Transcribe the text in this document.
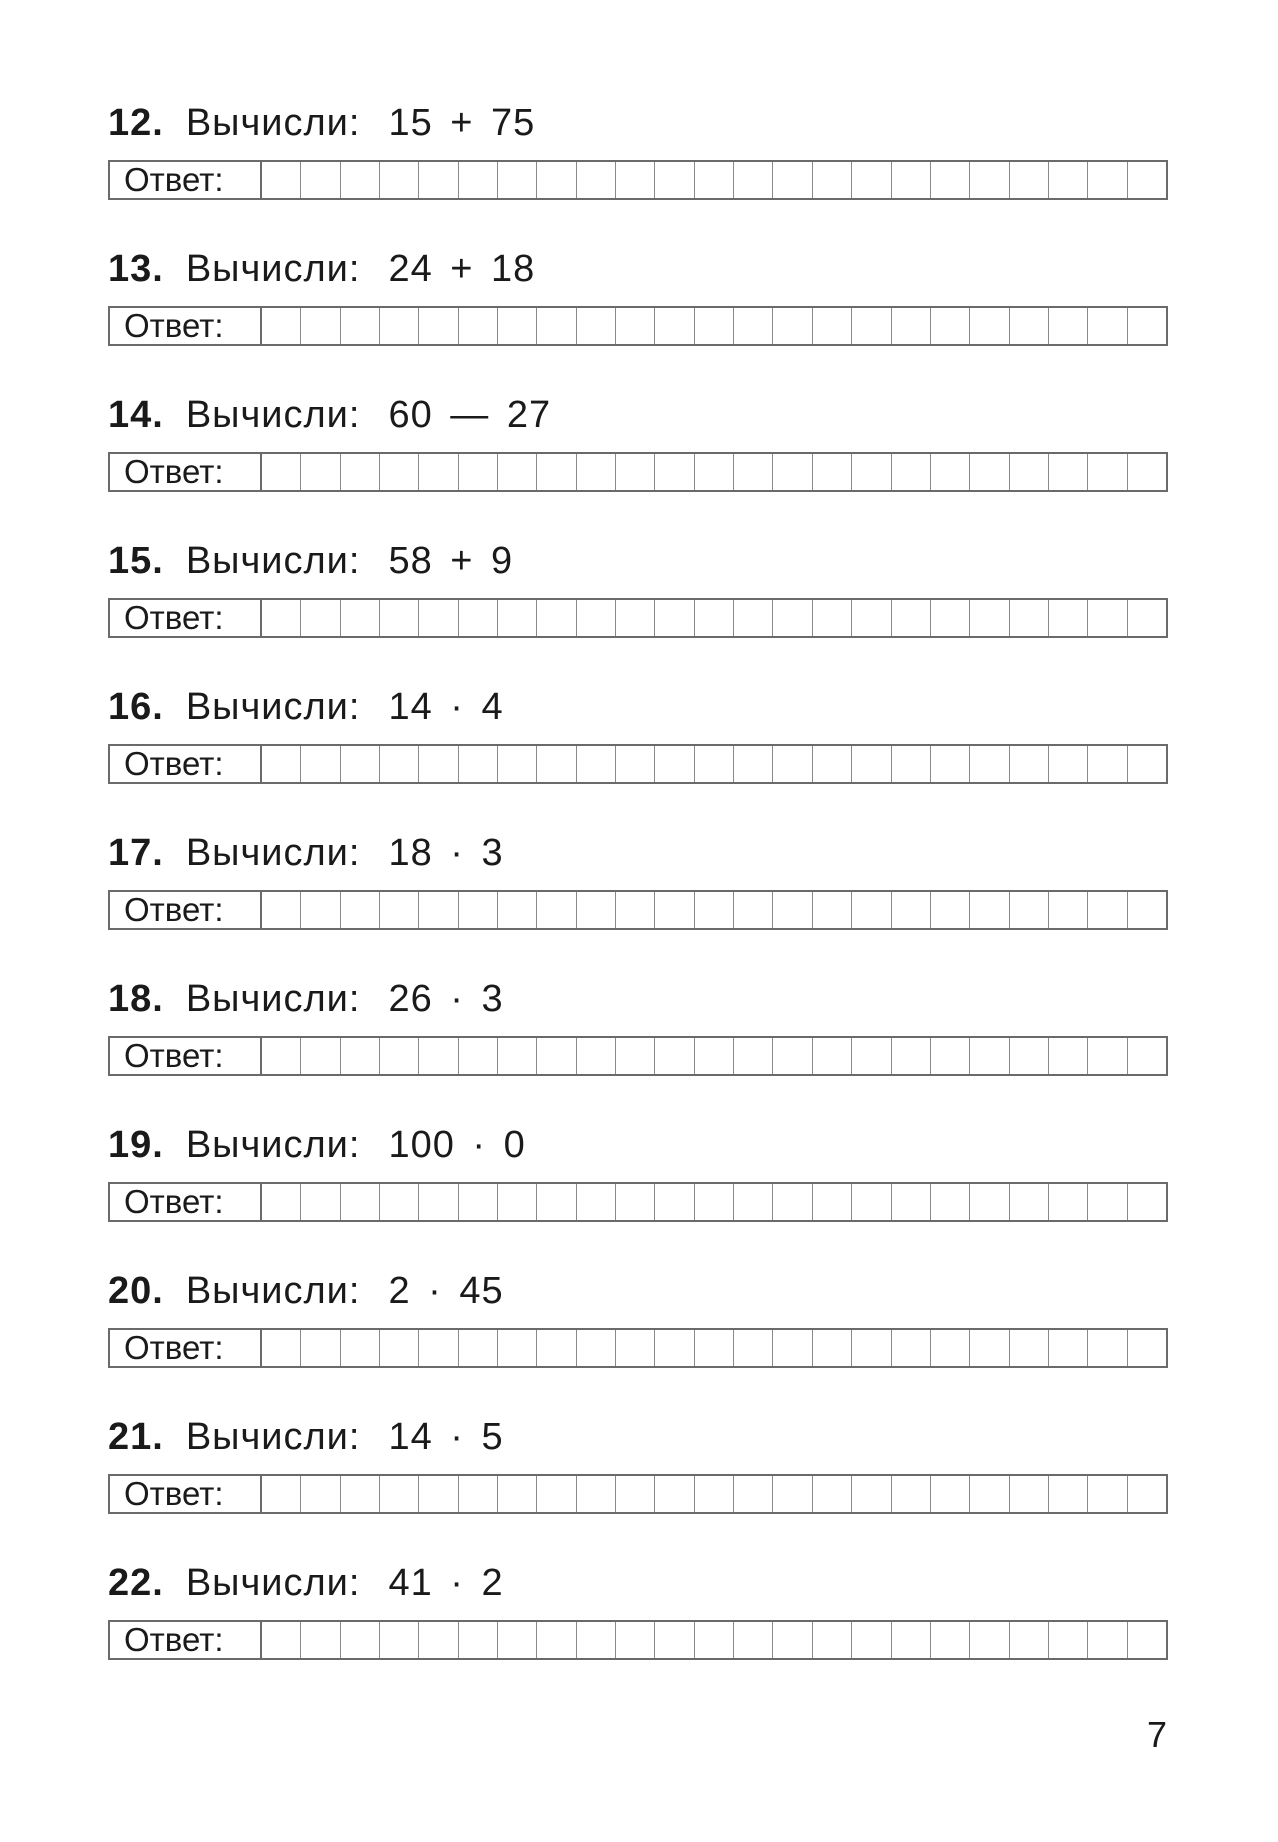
12. Вычисли: 15 + 75
Ответ:
13. Вычисли: 24 + 18
Ответ:
14. Вычисли: 60 — 27
Ответ:
15. Вычисли: 58 + 9
Ответ:
16. Вычисли: 14 · 4
Ответ:
17. Вычисли: 18 · 3
Ответ:
18. Вычисли: 26 · 3
Ответ:
19. Вычисли: 100 · 0
Ответ:
20. Вычисли: 2 · 45
Ответ:
21. Вычисли: 14 · 5
Ответ:
22. Вычисли: 41 · 2
Ответ:
7
